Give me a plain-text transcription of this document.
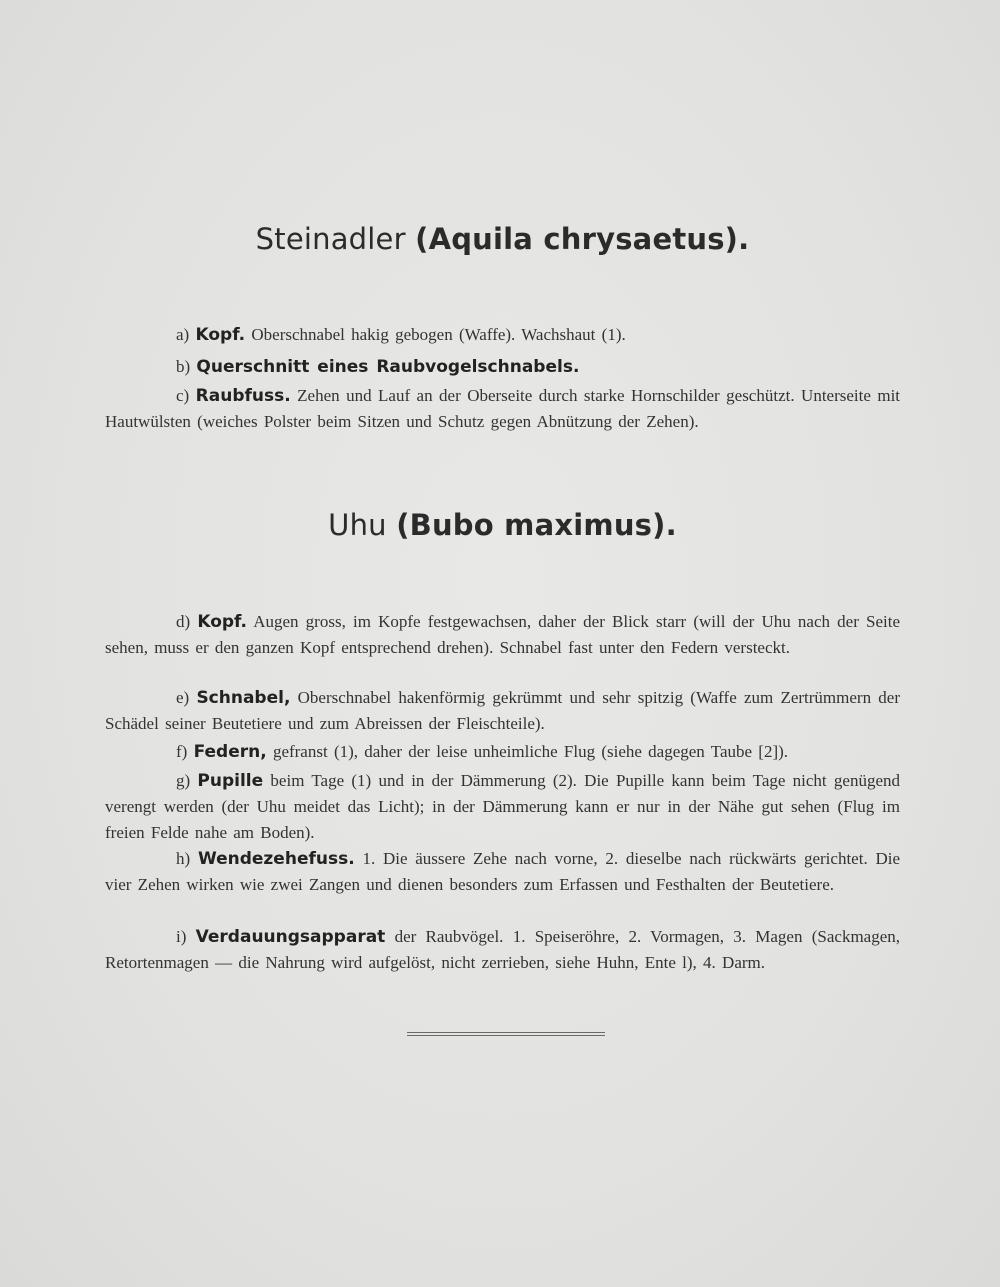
Steinadler (Aquila chrysaetus).

a) Kopf. Oberschnabel hakig gebogen (Waffe). Wachshaut (1).

b) Querschnitt eines Raubvogelschnabels.

c) Raubfuss. Zehen und Lauf an der Oberseite durch starke Hornschilder geschützt. Unterseite mit Hautwülsten (weiches Polster beim Sitzen und Schutz gegen Abnützung der Zehen).

Uhu (Bubo maximus).

d) Kopf. Augen gross, im Kopfe festgewachsen, daher der Blick starr (will der Uhu nach der Seite sehen, muss er den ganzen Kopf entsprechend drehen). Schnabel fast unter den Federn versteckt.

e) Schnabel, Oberschnabel hakenförmig gekrümmt und sehr spitzig (Waffe zum Zertrümmern der Schädel seiner Beutetiere und zum Abreissen der Fleischteile).

f) Federn, gefranst (1), daher der leise unheimliche Flug (siehe dagegen Taube [2]).

g) Pupille beim Tage (1) und in der Dämmerung (2). Die Pupille kann beim Tage nicht genügend verengt werden (der Uhu meidet das Licht); in der Dämmerung kann er nur in der Nähe gut sehen (Flug im freien Felde nahe am Boden).

h) Wendezehefuss. 1. Die äussere Zehe nach vorne, 2. dieselbe nach rückwärts gerichtet. Die vier Zehen wirken wie zwei Zangen und dienen besonders zum Erfassen und Festhalten der Beutetiere.

i) Verdauungsapparat der Raubvögel. 1. Speiseröhre, 2. Vormagen, 3. Magen (Sackmagen, Retortenmagen — die Nahrung wird aufgelöst, nicht zerrieben, siehe Huhn, Ente l), 4. Darm.
